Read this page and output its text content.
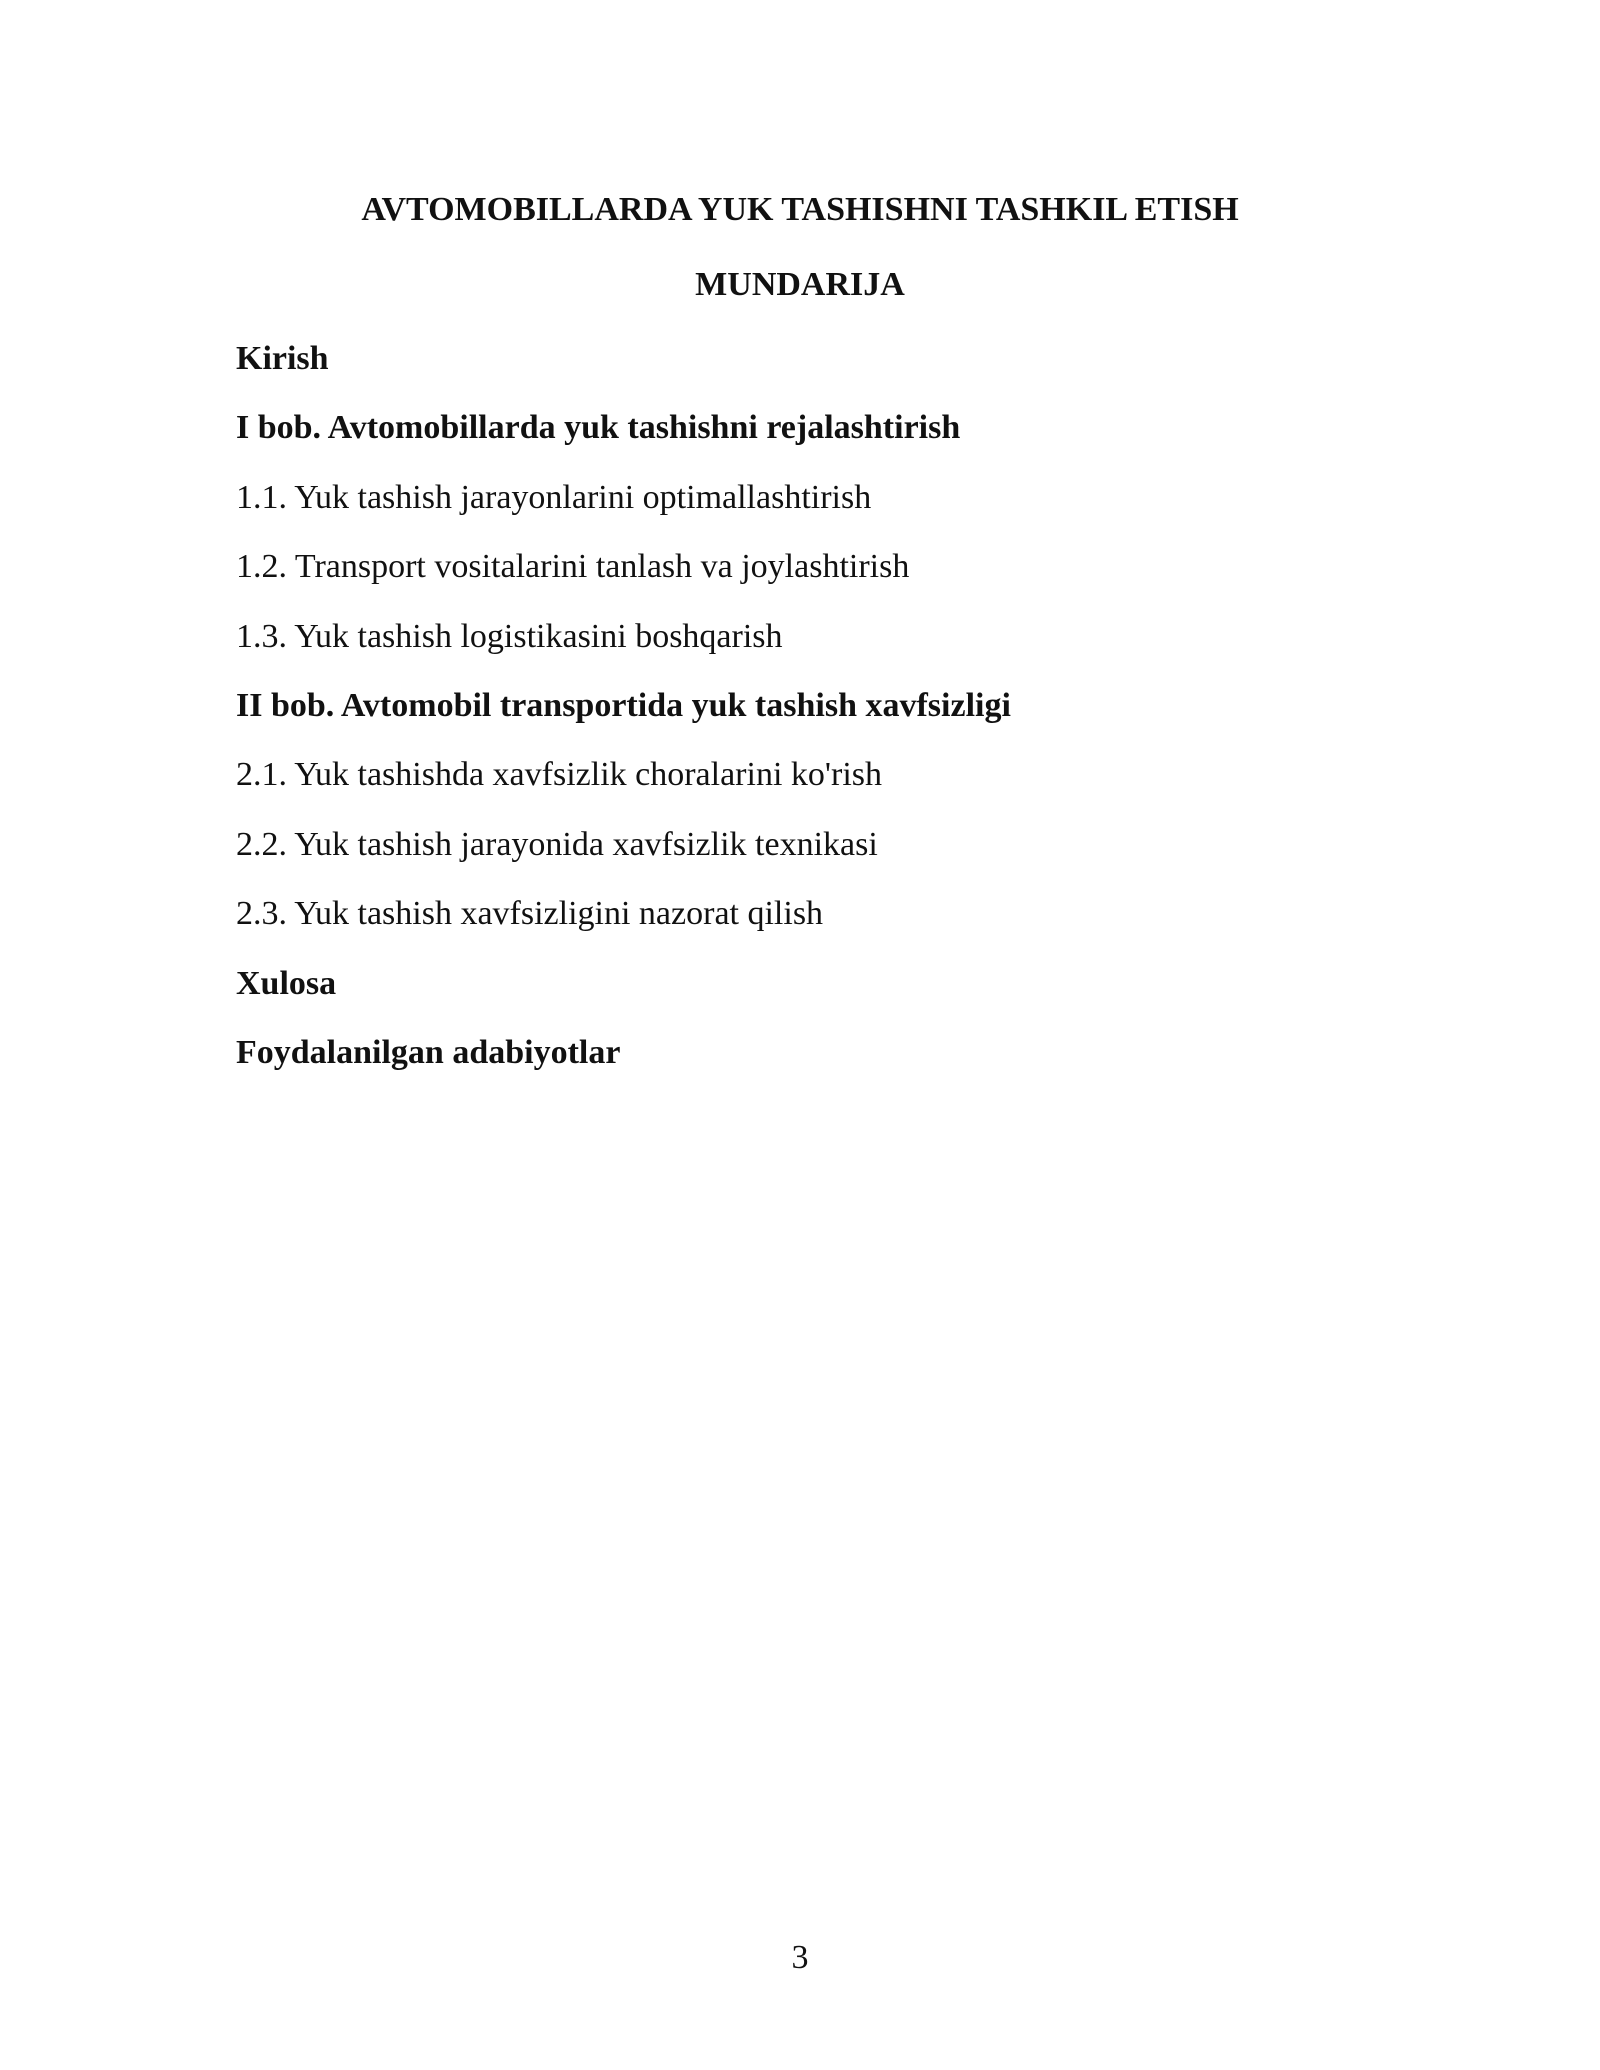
AVTOMOBILLARDA YUK TASHISHNI TASHKIL ETISH
MUNDARIJA
Kirish
I bob. Avtomobillarda yuk tashishni rejalashtirish
1.1. Yuk tashish jarayonlarini optimallashtirish
1.2. Transport vositalarini tanlash va joylashtirish
1.3. Yuk tashish logistikasini boshqarish
II bob. Avtomobil transportida yuk tashish xavfsizligi
2.1. Yuk tashishda xavfsizlik choralarini ko'rish
2.2. Yuk tashish jarayonida xavfsizlik texnikasi
2.3. Yuk tashish xavfsizligini nazorat qilish
Xulosa
Foydalanilgan adabiyotlar
3
